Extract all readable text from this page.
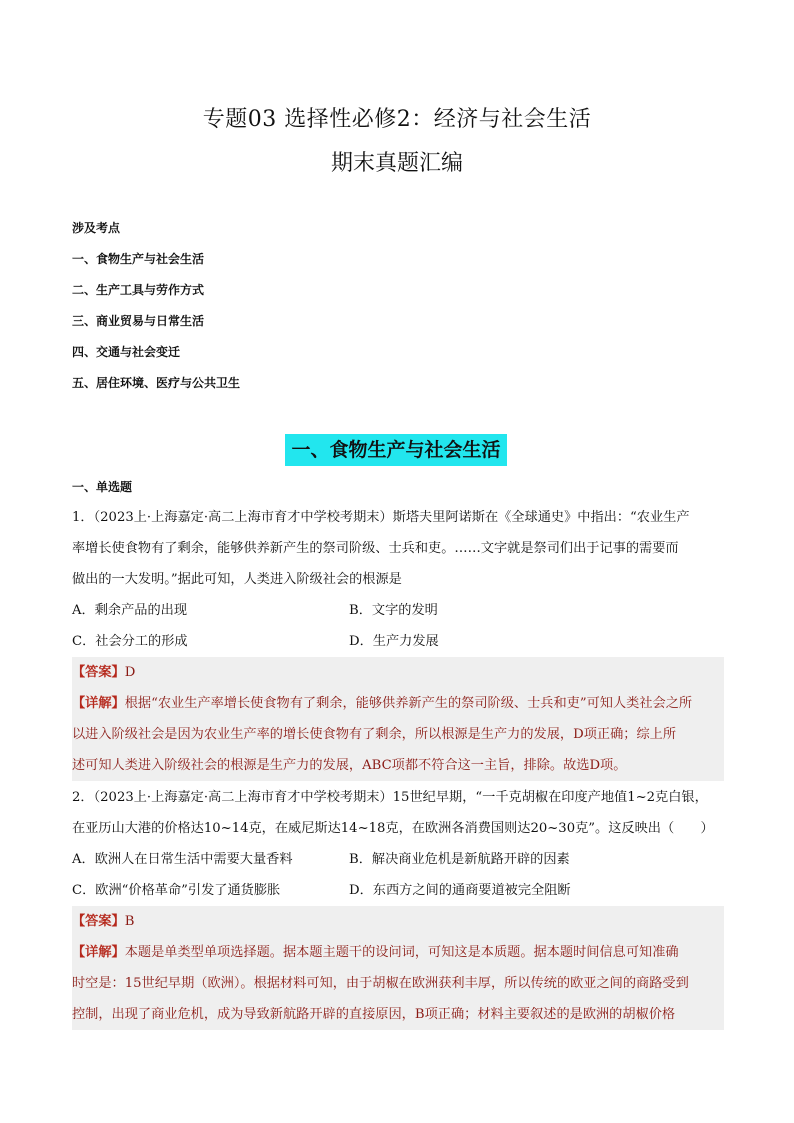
专题03 选择性必修2：经济与社会生活
期末真题汇编
涉及考点
一、食物生产与社会生活
二、生产工具与劳作方式
三、商业贸易与日常生活
四、交通与社会变迁
五、居住环境、医疗与公共卫生
一、食物生产与社会生活
一、单选题
1．（2023上·上海嘉定·高二上海市育才中学校考期末）斯塔夫里阿诺斯在《全球通史》中指出：“农业生产
率增长使食物有了剩余，能够供养新产生的祭司阶级、士兵和吏。……文字就是祭司们出于记事的需要而
做出的一大发明。”据此可知，人类进入阶级社会的根源是
A．剩余产品的出现	B．文字的发明
C．社会分工的形成	D．生产力发展
【答案】D
【详解】根据“农业生产率增长使食物有了剩余，能够供养新产生的祭司阶级、士兵和吏”可知人类社会之所
以进入阶级社会是因为农业生产率的增长使食物有了剩余，所以根源是生产力的发展，D项正确；综上所
述可知人类进入阶级社会的根源是生产力的发展，ABC项都不符合这一主旨，排除。故选D项。
2．（2023上·上海嘉定·高二上海市育才中学校考期末）15世纪早期，“一千克胡椒在印度产地值1~2克白银，
在亚历山大港的价格达10~14克，在威尼斯达14~18克，在欧洲各消费国则达20~30克”。这反映出（　　）
A．欧洲人在日常生活中需要大量香料	B．解决商业危机是新航路开辟的因素
C．欧洲“价格革命”引发了通货膨胀	D．东西方之间的通商要道被完全阻断
【答案】B
【详解】本题是单类型单项选择题。据本题主题干的设问词，可知这是本质题。据本题时间信息可知准确
时空是：15世纪早期（欧洲）。根据材料可知，由于胡椒在欧洲获利丰厚，所以传统的欧亚之间的商路受到
控制，出现了商业危机，成为导致新航路开辟的直接原因，B项正确；材料主要叙述的是欧洲的胡椒价格
